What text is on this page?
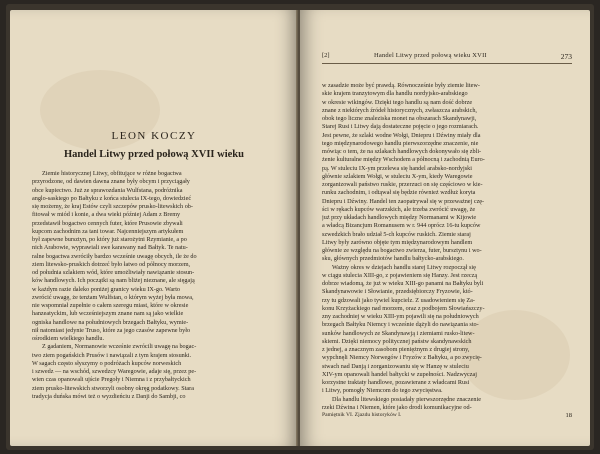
LEON KOCZY
Handel Litwy przed połową XVII wieku
Ziemie historycznej Litwy, obfitujące w różne bogactwa
przyrodzone, od dawien dawna znane były obcym i przyciągały
obce kupiectwo. Już ze sprawozdania Wulfstana, podróżnika
anglo-saskiego po Bałtyku z końca stulecia IX-tego, dowiedzieć
się możemy, że kraj Estów czyli szczepów prusko-litewskich ob-
fitował w miód i konie, a dwa wieki później Adam z Bremy
przedstawił bogactwo cennych futer, które Prusowie zbywali
kupcom zachodnim za tani towar. Najcenniejszym artykułem
był zapewne bursztyn, po który już starożytni Rzymianie, a po
nich Arabowie, wyprawiali swe karawany nad Bałtyk. Te natu-
ralne bogactwa zwróciły bardzo wcześnie uwagę obcych, ile że do
ziem litewsko-pruskich dotrzeć było łatwo od północy morzem,
od południa szlakiem wód, które umożliwiały nawiązanie stosun-
ków handlowych. Ich początki są nam bliżej nieznane, ale sięgają
w każdym razie daleko poniżej granicy wieku IX-go. Warto
zwrócić uwagę, że tenżam Wulfstan, o którym wyżej była mowa,
nie wspomniał zupełnie o całem szeregu miast, które w okresie
hanzeatyckim, lub wcześniejszym znane nam są jako wielkie
ogniska handlowe na południowych brzegach Bałtyku, wymie-
nił natomiast jedynie Truso, które za jego czasów zapewne było
ośrodkiem wielkiego handlu.
Z gadaniem, Normanowie wcześnie zwrócili uwagę na bogac-
two ziem pogańskich Prusów i nawiązali z tym krajem stosunki.
W sagach często słyszymy o podróżach kupców norweskich
i szwedz — na wschód, szwedzcy Waregowie, adaje się, przez pe-
wien czas opanowali ujście Pregoły i Niemna i z przybałtyckich
ziem prusko-litewskich stworzyli osobny okręg podatkowy. Stara
tradycja duńska mówi też o wyzdieńciu z Danji do Sambji, co
[2]	Handel Litwy przed połową wieku XVII	273
w zasadzie może być prawdą. Równocześnie były ziemie litew-
skie krajem tranzytowym dla handlu nordyjsko-arabskiego
w okresie wikingów. Dzięki tego handlu są nam dość dobrze
znane z niektórych źródeł historycznych, zwłaszcza arabskich,
obok tego liczne znaleziska monet na obszarach Skandynawji,
Starej Rusi i Litwy dają dostateczne pojęcie o jego rozmiarach.
Jest pewne, że szlaki wodne Wołgi, Dniepru i Dźwiny miały dla
tego międzynarodowego handlu pierwszorzędne znaczenie, nie
mówiąc o tem, że na szlakach handlowych dokonywało się zbli-
żenie kulturalne między Wschodem a północną i zachodnią Euro-
pą. W stuleciu IX-ym przelewa się handel arabsko-nordyjski
głównie szlakiem Wołgi, w stuleciu X-ym, kiedy Waregowie
zorganizowali państwo ruskie, przerzuci on się częściowo w kie-
runku zachodnim, i odtąwał się będzie również wzdłuż koryta
Dniepru i Dźwiny. Handel ten zaopatrywał się w przeważnej czę-
ści w rękach kupców warzskich, ale trzeba zwrócić uwagę, że
już przy układach handlowych między Normanami w Kijowie
a władcą Bizancjum Romanusem w r. 944 oprócz 16-tu kupców
szwedzkich brało udział 5-ch kupców ruskich. Ziemie staraj
Litwy były zarówno objęte tym międzynarodowym handlem
głównie ze względu na bogactwo zwierza, futer, bursztynu i wo-
sku, głównych przedmiotów handlu bałtycko-arabskiego.
Ważny okres w dziejach handlu starej Litwy rozpoczął się
w ciągu stulecia XIII-go, z pojawieniem się Hanzy. Jest rzeczą
dobrze wiadomą, że już w wieku XIII-go panami na Bałtyku byli
Skandynawowie i Słowianie, przedsiębiorczy Fryzowie, któ-
rzy tu gdzowali jako tywiel kupcielz. Z usadowieniem się Za-
konu Krzyżackiego nad morzem, oraz z podbojem Słowiańszczy-
zny zachodniej w wieku XIII-ym pojawili się na południowych
brzegach Bałtyku Niemcy i wcześnie dążyli do nawiązania sto-
sunków handlowych ze Skandynawją i ziemiami rusko-litew-
skiemi. Dzięki niemocy politycznej państw skandynawskich
z jednej, a znacznym zasobom pieniężnym z drugiej strony,
wypchnęli Niemcy Norwegów i Fryzów z Bałtyku, a po zwycię-
stwach nad Danją i zorganizowaniu się w Hanzę w stuleciu
XIV-ym opanowali handel bałtycki w zupełności. Nadzwyczaj
korzystne traktaty handlowe, pozawierane z władcami Rusi
i Litwy, pomogły Niemcom do tego zwycięstwa.
Dla handlu litewskiego posiadały pierwszorzędne znaczenie
rzeki Dźwina i Niemen, które jako drodi komunikacyjne od-
Pamiętnik VI. Zjazdu historyków I.	18
